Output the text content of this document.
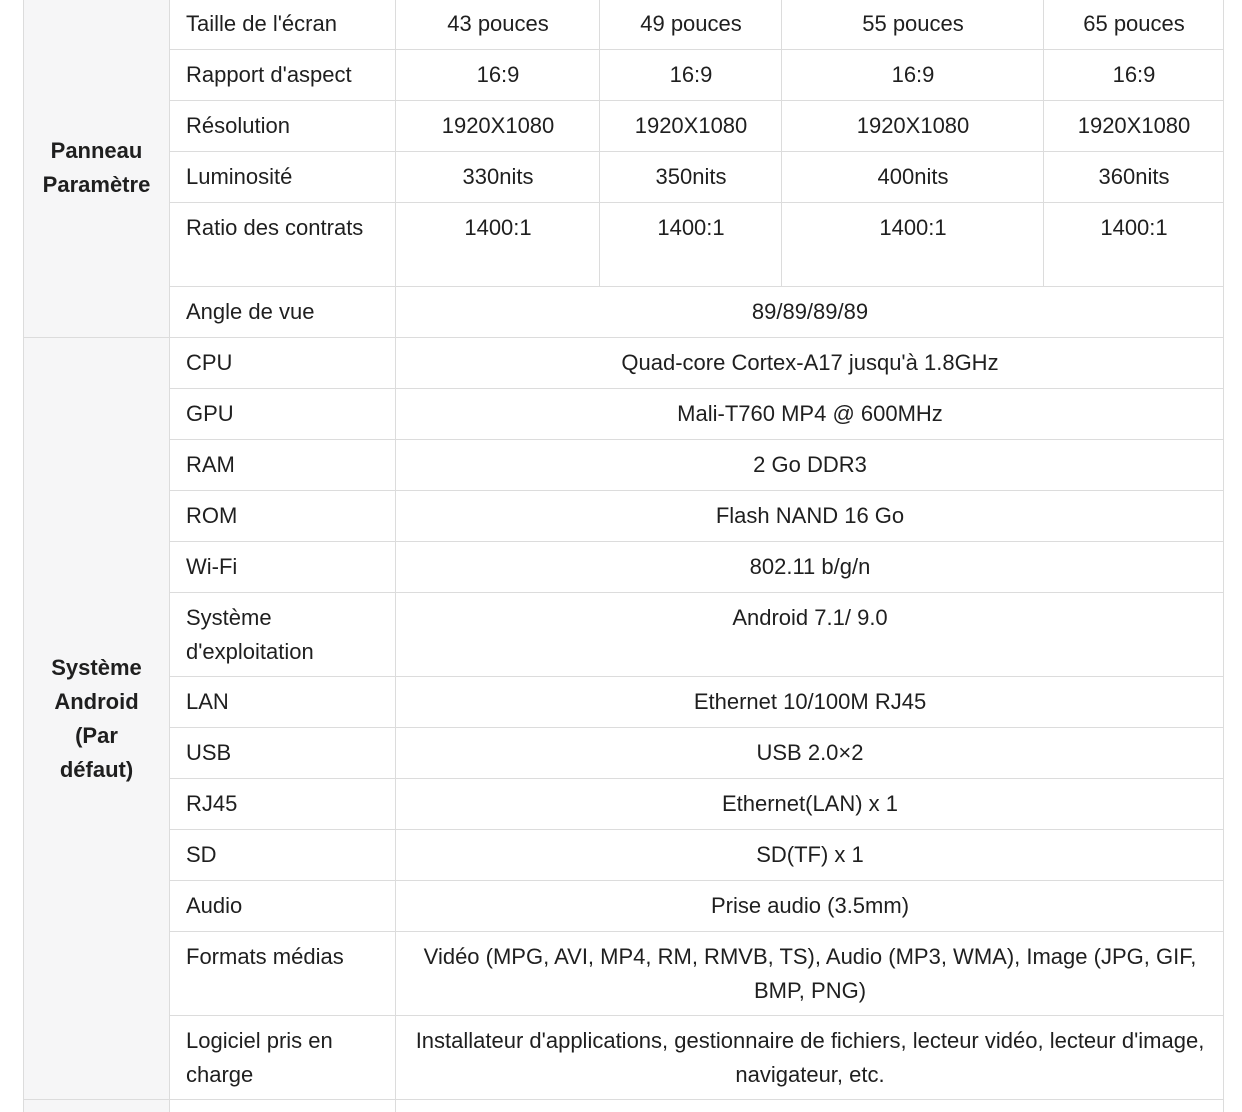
Panneau Paramètre	Taille de l'écran	43 pouces	49 pouces	55 pouces	65 pouces
	Rapport d'aspect	16:9	16:9	16:9	16:9
	Résolution	1920X1080	1920X1080	1920X1080	1920X1080
	Luminosité	330nits	350nits	400nits	360nits
	Ratio des contrats	1400:1	1400:1	1400:1	1400:1
	Angle de vue	89/89/89/89			
Système Android (Par défaut)	CPU	Quad-core Cortex-A17 jusqu'à 1.8GHz			
	GPU	Mali-T760 MP4 @ 600MHz			
	RAM	2 Go DDR3			
	ROM	Flash NAND 16 Go			
	Wi-Fi	802.11 b/g/n			
	Système d'exploitation	Android 7.1/ 9.0			
	LAN	Ethernet 10/100M RJ45			
	USB	USB 2.0×2			
	RJ45	Ethernet(LAN) x 1			
	SD	SD(TF) x 1			
	Audio	Prise audio (3.5mm)			
	Formats médias	Vidéo (MPG, AVI, MP4, RM, RMVB, TS), Audio (MP3, WMA), Image (JPG, GIF, BMP, PNG)			
	Logiciel pris en charge	Installateur d'applications, gestionnaire de fichiers, lecteur vidéo, lecteur d'image, navigateur, etc.			
